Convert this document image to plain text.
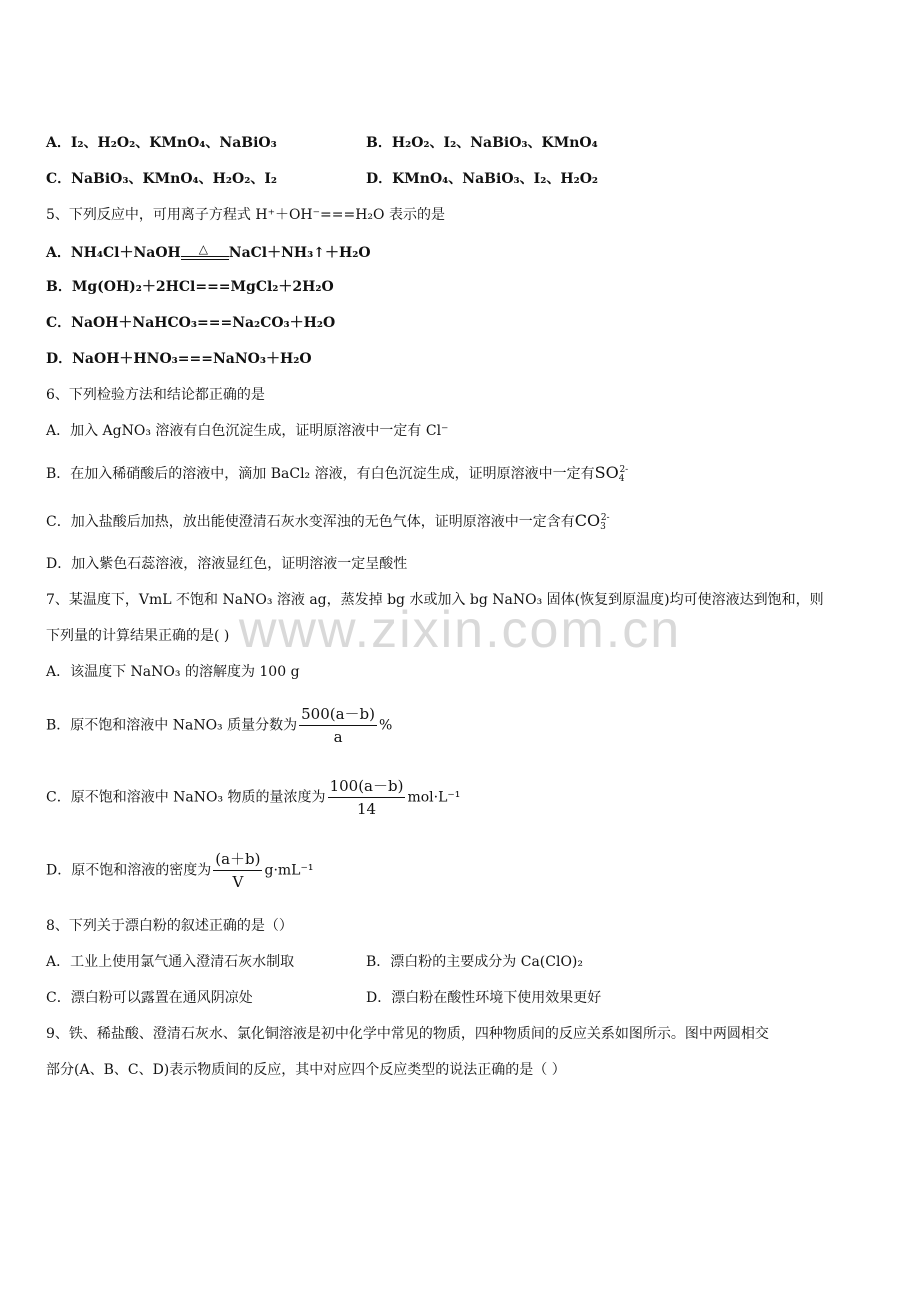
www.zixin.com.cn
A．I₂、H₂O₂、KMnO₄、NaBiO₃	B．H₂O₂、I₂、NaBiO₃、KMnO₄
C．NaBiO₃、KMnO₄、H₂O₂、I₂	D．KMnO₄、NaBiO₃、I₂、H₂O₂
5、下列反应中，可用离子方程式 H⁺＋OH⁻===H₂O 表示的是
A．NH₄Cl＋NaOH △ NaCl＋NH₃↑＋H₂O
B．Mg(OH)₂＋2HCl===MgCl₂＋2H₂O
C．NaOH＋NaHCO₃===Na₂CO₃＋H₂O
D．NaOH＋HNO₃===NaNO₃＋H₂O
6、下列检验方法和结论都正确的是
A．加入 AgNO₃ 溶液有白色沉淀生成，证明原溶液中一定有 Cl⁻
B．在加入稀硝酸后的溶液中，滴加 BaCl₂ 溶液，有白色沉淀生成，证明原溶液中一定有$SO_4^{2-}$
C．加入盐酸后加热，放出能使澄清石灰水变浑浊的无色气体，证明原溶液中一定含有$CO_3^{2-}$
D．加入紫色石蕊溶液，溶液显红色，证明溶液一定呈酸性
7、某温度下，VmL 不饱和 NaNO₃ 溶液 ag，蒸发掉 bg 水或加入 bg NaNO₃ 固体(恢复到原温度)均可使溶液达到饱和，则
下列量的计算结果正确的是( )
A．该温度下 NaNO₃ 的溶解度为 100 g
B．原不饱和溶液中 NaNO₃ 质量分数为 $\frac{500(a-b)}{a}$ %
C．原不饱和溶液中 NaNO₃ 物质的量浓度为 $\frac{100(a-b)}{14} mol\cdot L^{-1}$
D．原不饱和溶液的密度为 $\frac{(a+b)}{V} g\cdot mL^{-1}$
8、下列关于漂白粉的叙述正确的是（）
A．工业上使用氯气通入澄清石灰水制取	B．漂白粉的主要成分为 Ca(ClO)₂
C．漂白粉可以露置在通风阴凉处	D．漂白粉在酸性环境下使用效果更好
9、铁、稀盐酸、澄清石灰水、氯化铜溶液是初中化学中常见的物质，四种物质间的反应关系如图所示。图中两圆相交
部分(A、B、C、D)表示物质间的反应，其中对应四个反应类型的说法正确的是（ ）
